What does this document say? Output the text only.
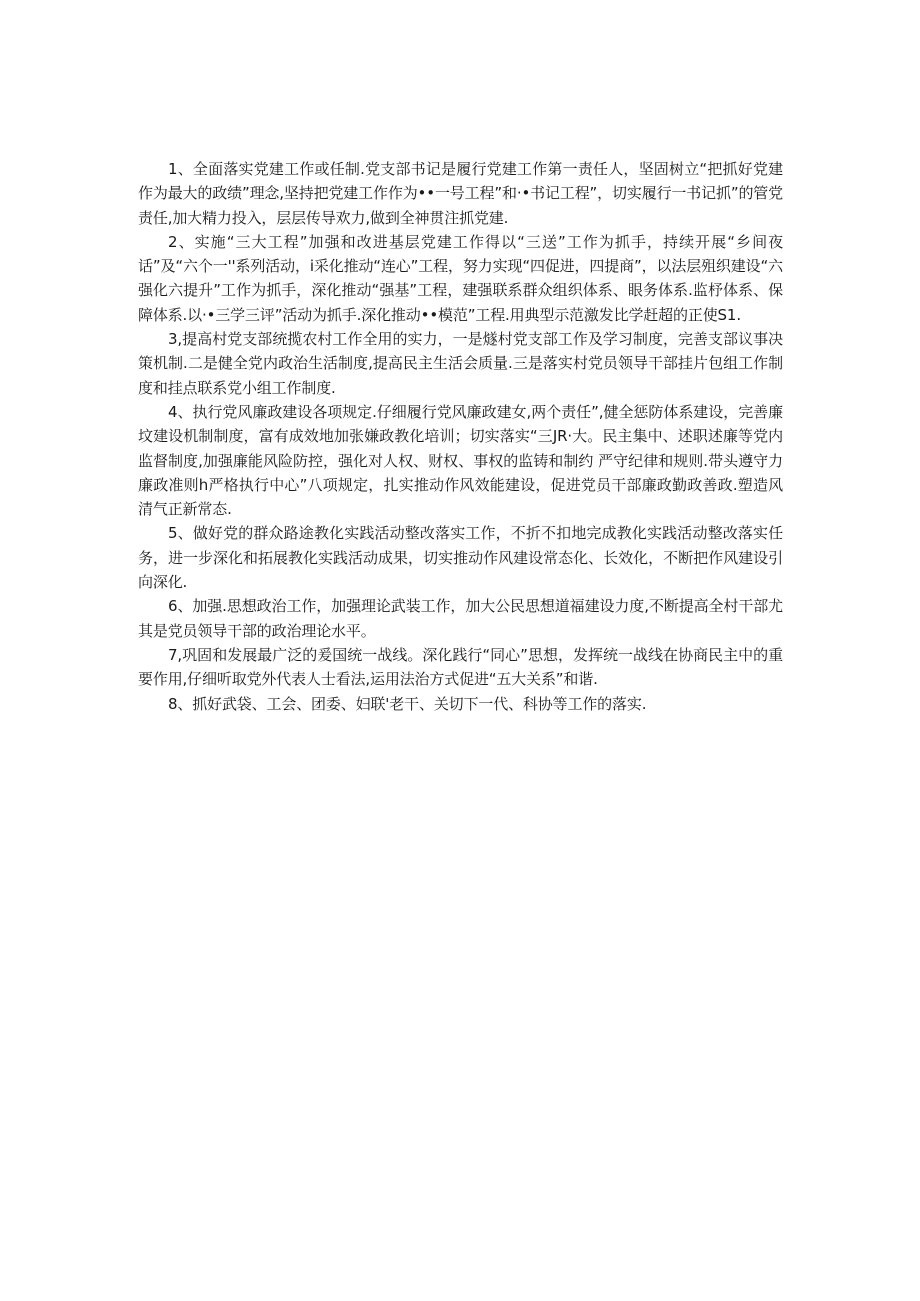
1、全面落实党建工作或任制.党支部书记是履行党建工作第一责任人，坚固树立“把抓好党建作为最大的政绩”理念,坚持把党建工作作为••一号工程”和·•书记工程”，切实履行一书记抓”的管党责任,加大精力投入，层层传导欢力,做到全神贯注抓党建.

2、实施“三大工程”加强和改进基层党建工作得以“三送”工作为抓手，持续开展“乡间夜话”及“六个一''系列活动，i采化推动“连心”工程，努力实现“四促进，四提商”，以法层殂织建设“六强化六提升”工作为抓手，深化推动“强基”工程，建强联系群众组织体系、眼务体系.监杼体系、保障体系.以·•三学三评”活动为抓手.深化推动••模范”工程.用典型示范激发比学赶超的正使S1.

3,提高村党支部统揽农村工作全用的实力，一是燧村党支部工作及学习制度，完善支部议事决策机制.二是健全党内政治生活制度,提高民主生活会质量.三是落实村党员领导干部挂片包组工作制度和挂点联系党小组工作制度.

4、执行党风廉政建设各项规定.仔细履行党风廉政建女,两个责任”,健全惩防体系建设，完善廉坟建设机制制度，富有成效地加张嫌政教化培训；切实落实“三JR·大。民主集中、述职述廉等党内监督制度,加强廉能风险防控，强化对人权、财权、事权的监铸和制约 严守纪律和规则.带头遵守力廉政准则h严格执行中心”八项规定，扎实推动作风效能建设，促进党员干部廉政勤政善政.塑造风清气正新常态.

5、做好党的群众路途教化实践活动整改落实工作，不折不扣地完成教化实践活动整改落实任务，进一步深化和拓展教化实践活动成果，切实推动作风建设常态化、长效化，不断把作风建设引向深化.

6、加强.思想政治工作，加强理论武装工作，加大公民思想道福建设力度,不断提高全村干部尤其是党员领导干部的政治理论水平。

7,巩固和发展最广泛的爰国统一战线。深化践行“同心”思想，发挥统一战线在协商民主中的重要作用,仔细听取党外代表人士看法,运用法治方式促进“五大关系”和谐.

8、抓好武袋、工会、团委、妇联'老干、关切下一代、科协等工作的落实.
